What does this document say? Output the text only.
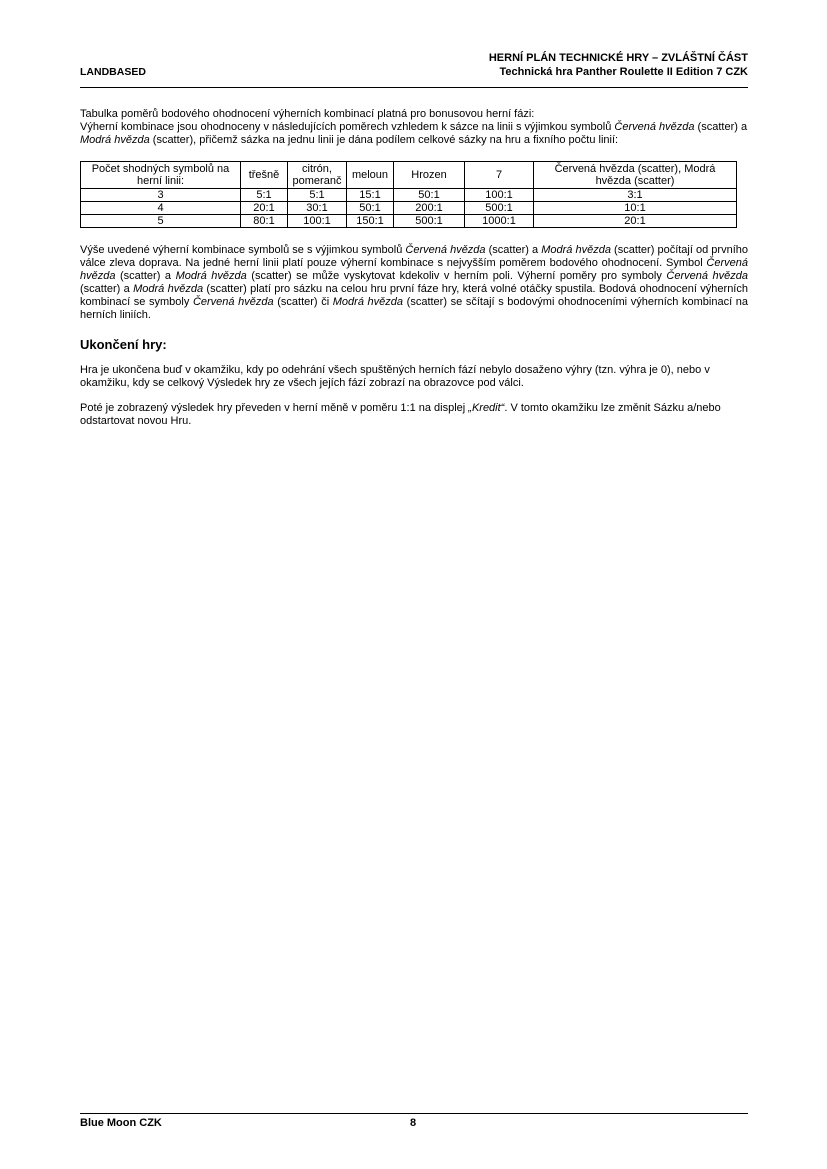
LANDBASED
HERNÍ PLÁN TECHNICKÉ HRY – ZVLÁŠTNÍ ČÁST
Technická hra Panther Roulette II Edition 7 CZK

Tabulka poměrů bodového ohodnocení výherních kombinací platná pro bonusovou herní fázi:
Výherní kombinace jsou ohodnoceny v následujících poměrech vzhledem k sázce na linii s výjimkou symbolů Červená hvězda (scatter) a Modrá hvězda (scatter), přičemž sázka na jednu linii je dána podílem celkové sázky na hru a fixního počtu linií:

Počet shodných symbolů na herní linii:	třešně	citrón, pomeranč	meloun	Hrozen	7	Červená hvězda (scatter), Modrá hvězda (scatter)
3	5:1	5:1	15:1	50:1	100:1	3:1
4	20:1	30:1	50:1	200:1	500:1	10:1
5	80:1	100:1	150:1	500:1	1000:1	20:1

Výše uvedené výherní kombinace symbolů se s výjimkou symbolů Červená hvězda (scatter) a Modrá hvězda (scatter) počítají od prvního válce zleva doprava. Na jedné herní linii platí pouze výherní kombinace s nejvyšším poměrem bodového ohodnocení. Symbol Červená hvězda (scatter) a Modrá hvězda (scatter) se může vyskytovat kdekoliv v herním poli. Výherní poměry pro symboly Červená hvězda (scatter) a Modrá hvězda (scatter) platí pro sázku na celou hru první fáze hry, která volné otáčky spustila. Bodová ohodnocení výherních kombinací se symboly Červená hvězda (scatter) či Modrá hvězda (scatter) se sčítají s bodovými ohodnoceními výherních kombinací na herních liniích.

Ukončení hry:

Hra je ukončena buď v okamžiku, kdy po odehrání všech spuštěných herních fází nebylo dosaženo výhry (tzn. výhra je 0), nebo v okamžiku, kdy se celkový Výsledek hry ze všech jejích fází zobrazí na obrazovce pod válci.

Poté je zobrazený výsledek hry převeden v herní měně v poměru 1:1 na displej „Kredit“. V tomto okamžiku lze změnit Sázku a/nebo odstartovat novou Hru.

Blue Moon CZK	8
